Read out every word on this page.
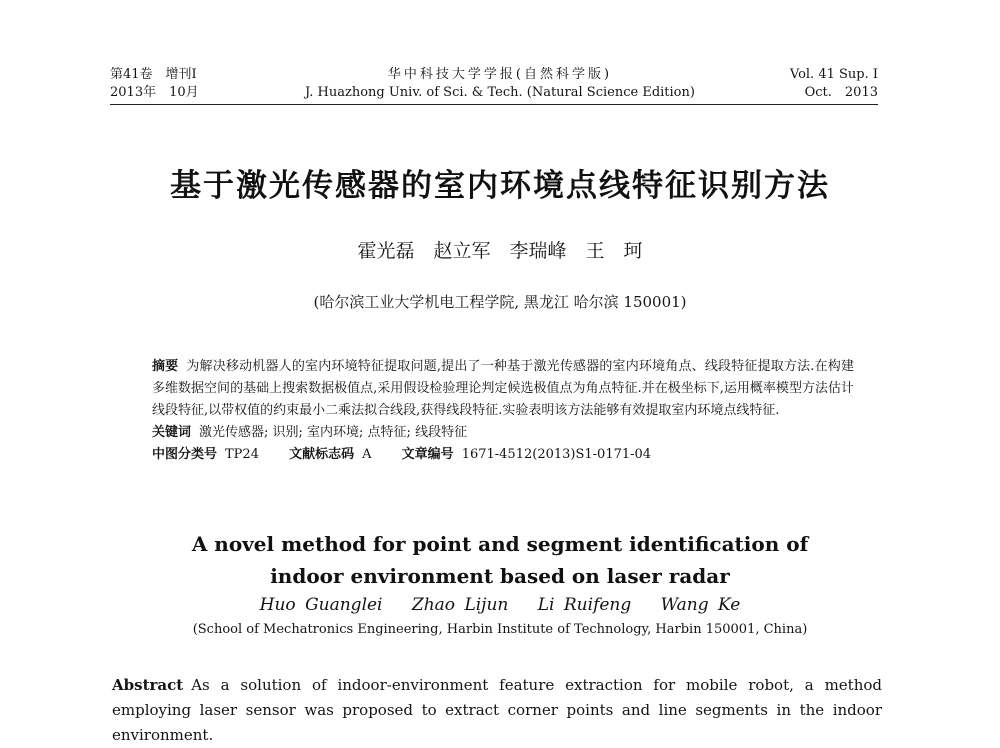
第41卷　增刊Ⅰ
2013年　10月
华中科技大学学报(自然科学版)
J. Huazhong Univ. of Sci. & Tech. (Natural Science Edition)
Vol. 41 Sup. Ⅰ
Oct.　2013
基于激光传感器的室内环境点线特征识别方法
霍光磊　赵立军　李瑞峰　王　珂
(哈尔滨工业大学机电工程学院, 黑龙江 哈尔滨 150001)
摘要 为解决移动机器人的室内环境特征提取问题,提出了一种基于激光传感器的室内环境角点、线段特征提取方法.在构建多维数据空间的基础上搜索数据极值点,采用假设检验理论判定候选极值点为角点特征.并在极坐标下,运用概率模型方法估计线段特征,以带权值的约束最小二乘法拟合线段,获得线段特征.实验表明该方法能够有效提取室内环境点线特征.
关键词 激光传感器; 识别; 室内环境; 点特征; 线段特征
中图分类号 TP24 文献标志码 A 文章编号 1671-4512(2013)S1-0171-04
A novel method for point and segment identification of
indoor environment based on laser radar
Huo Guanglei Zhao Lijun Li Ruifeng Wang Ke
(School of Mechatronics Engineering, Harbin Institute of Technology, Harbin 150001, China)
Abstract As a solution of indoor-environment feature extraction for mobile robot, a method employing laser sensor was proposed to extract corner points and line segments in the indoor environment.
